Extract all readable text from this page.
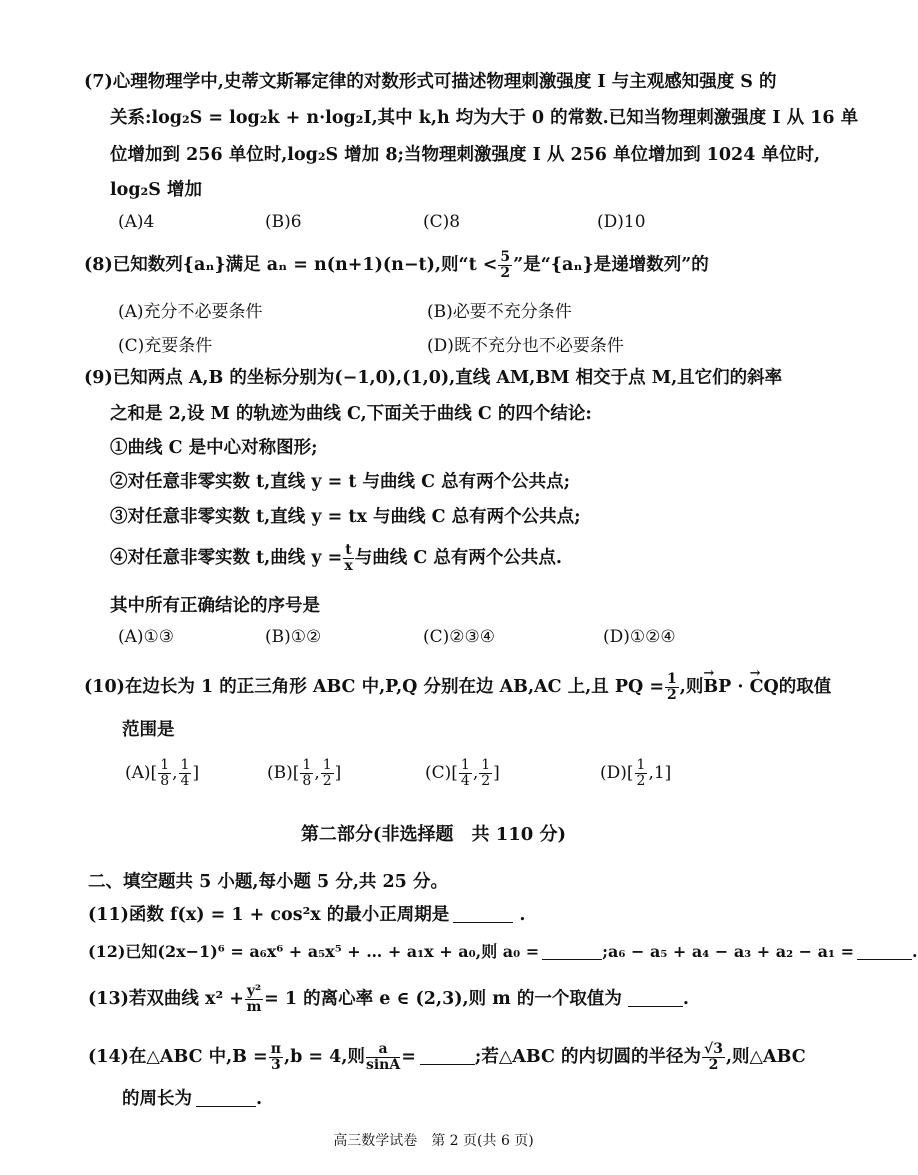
(7)心理物理学中,史蒂文斯幂定律的对数形式可描述物理刺激强度 I 与主观感知强度 S 的
关系:log₂S = log₂k + n·log₂I,其中 k,h 均为大于 0 的常数.已知当物理刺激强度 I 从 16 单
位增加到 256 单位时,log₂S 增加 8;当物理刺激强度 I 从 256 单位增加到 1024 单位时,
log₂S 增加
(A)4	(B)6	(C)8	(D)10
(8)已知数列{aₙ}满足 aₙ = n(n+1)(n−t),则“$t < \frac{5}{2}$ ”是“{aₙ}是递增数列”的
(A)充分不必要条件	(B)必要不充分条件
(C)充要条件	(D)既不充分也不必要条件
(9)已知两点 A,B 的坐标分别为(−1,0),(1,0),直线 AM,BM 相交于点 M,且它们的斜率
之和是 2,设 M 的轨迹为曲线 C,下面关于曲线 C 的四个结论:
①曲线 C 是中心对称图形;
②对任意非零实数 t,直线 y = t 与曲线 C 总有两个公共点;
③对任意非零实数 t,直线 y = tx 与曲线 C 总有两个公共点;
④对任意非零实数 t,曲线 $y = \frac{t}{x}$ 与曲线 C 总有两个公共点.
其中所有正确结论的序号是
(A)①③	(B)①②	(C)②③④	(D)①②④
(10)在边长为 1 的正三角形 ABC 中,P,Q 分别在边 AB,AC 上,且 PQ = $\frac{1}{2}$ ,则→ BP · → CQ的取值
范围是
$(A)[ \frac{1}{8}$ , $\frac{1}{4}$ ]	$(B)[ \frac{1}{8}$ , $\frac{1}{2}$ ]	$(C)[ \frac{1}{4}$ , $\frac{1}{2}$ ]	$(D)[ \frac{1}{2} ,1]$
第二部分(非选择题　共 110 分)
二、填空题共 5 小题,每小题 5 分,共 25 分。
(11)函数 f(x) = 1 + cos²x 的最小正周期是	.
(12)已知(2x−1)⁶ = a₆x⁶ + a₅x⁵ + … + a₁x + a₀,则 a₀ =	;a₆ − a₅ + a₄ − a₃ + a₂ − a₁ =	.
(13)若双曲线 $x^2 + \frac{\text{y²}}{m} = 1$ 的离心率 e ∈ (2,3),则 m 的一个取值为	.
(14)在△ABC 中$,B = \frac{\pi}{3} ,b = 4$,则 $\frac{a}{\sin A}$ =	;若△ABC 的内切圆的半径为 $\frac{√3}{2}$ ,则△ABC
的周长为	.
高三数学试卷　第 2 页(共 6 页)
